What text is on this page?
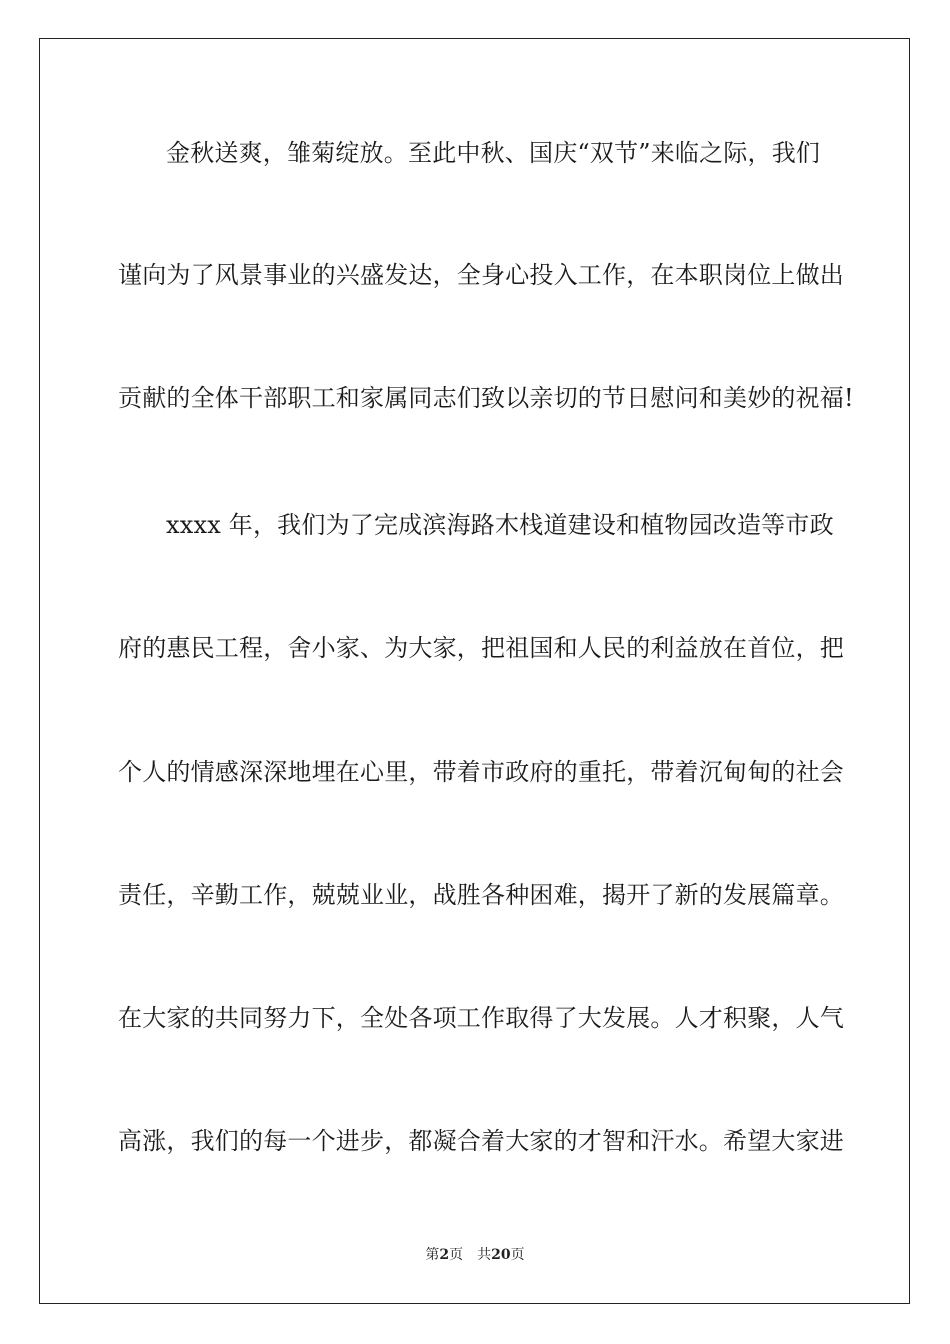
金秋送爽，雏菊绽放。至此中秋、国庆“双节”来临之际，我们
谨向为了风景事业的兴盛发达，全身心投入工作，在本职岗位上做出
贡献的全体干部职工和家属同志们致以亲切的节日慰问和美妙的祝福!
xxxx 年，我们为了完成滨海路木栈道建设和植物园改造等市政
府的惠民工程，舍小家、为大家，把祖国和人民的利益放在首位，把
个人的情感深深地埋在心里，带着市政府的重托，带着沉甸甸的社会
责任，辛勤工作，兢兢业业，战胜各种困难，揭开了新的发展篇章。
在大家的共同努力下，全处各项工作取得了大发展。人才积聚，人气
高涨，我们的每一个进步，都凝合着大家的才智和汗水。希望大家进
第2页　共20页
